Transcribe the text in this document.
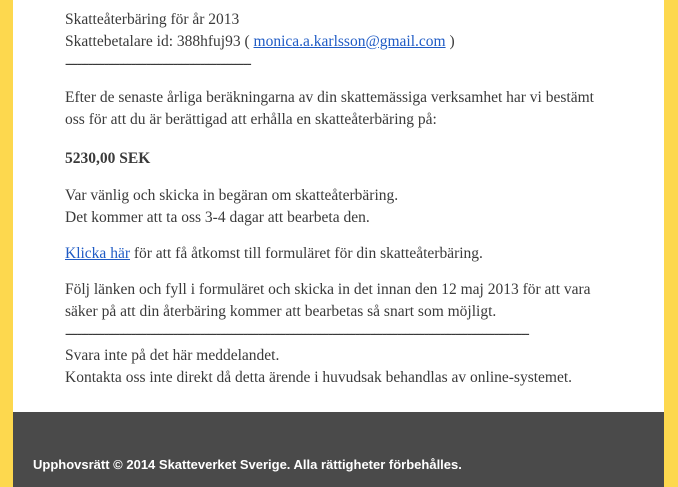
Skatteåterbäring för år 2013
Skattebetalare id: 388hfuj93 ( monica.a.karlsson@gmail.com )
------------------------------------------------
Efter de senaste årliga beräkningarna av din skattemässiga verksamhet har vi bestämt
oss för att du är berättigad att erhålla en skatteåterbäring på:
5230,00 SEK
Var vänlig och skicka in begäran om skatteåterbäring.
Det kommer att ta oss 3-4 dagar att bearbeta den.
Klicka här för att få åtkomst till formuläret för din skatteåterbäring.
Följ länken och fyll i formuläret och skicka in det innan den 12 maj 2013 för att vara
säker på att din återbäring kommer att bearbetas så snart som möjligt.
------------------------------------------------------------------------------------------------------------------------
Svara inte på det här meddelandet.
Kontakta oss inte direkt då detta ärende i huvudsak behandlas av online-systemet.
Upphovsrätt © 2014 Skatteverket Sverige. Alla rättigheter förbehålles.
